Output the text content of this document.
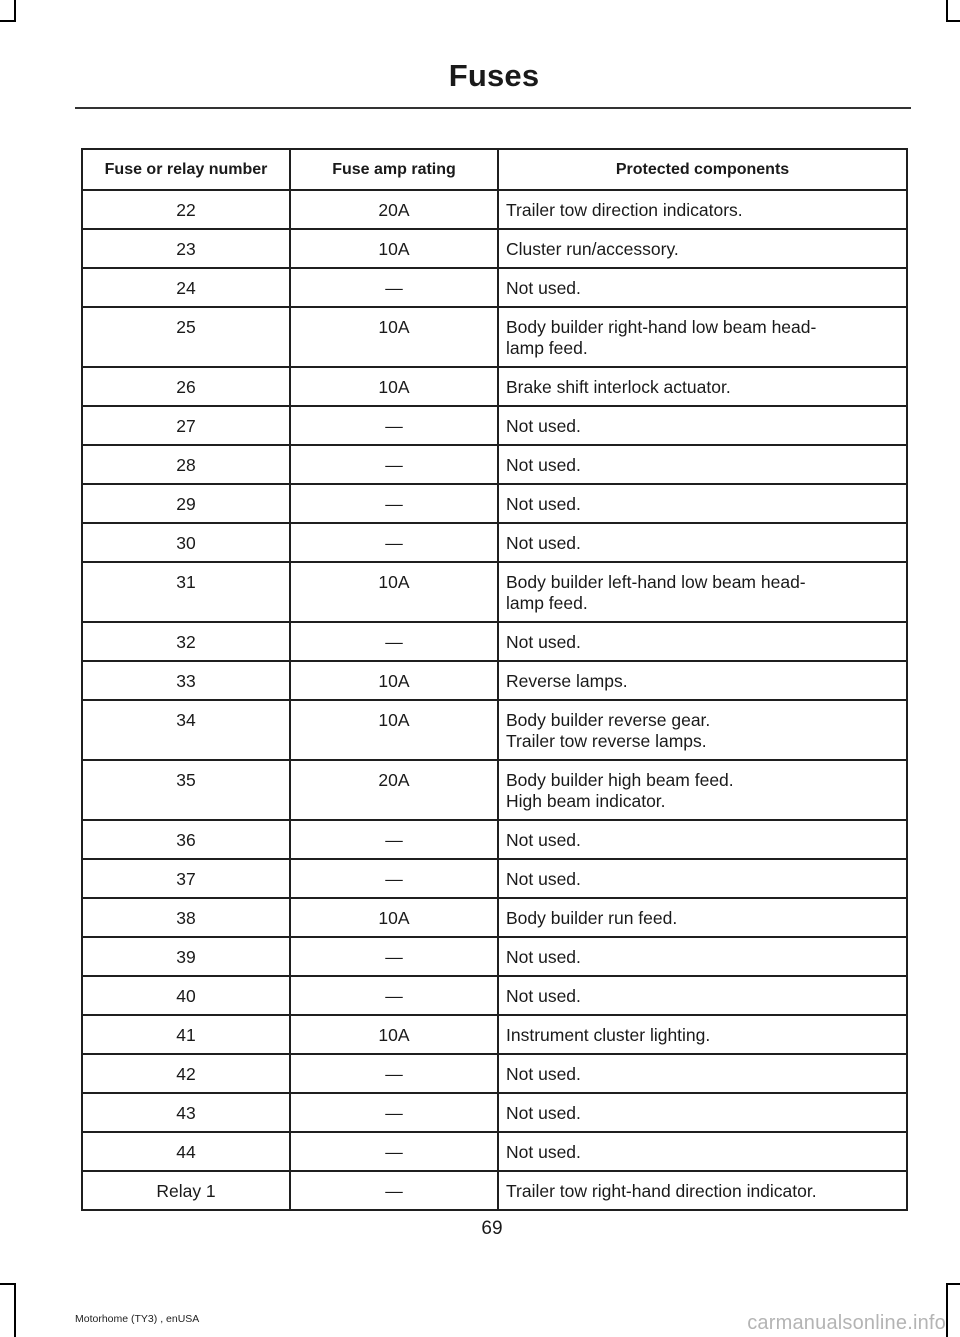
Fuses
Fuse or relay number	Fuse amp rating	Protected components
22	20A	Trailer tow direction indicators.

23	10A	Cluster run/accessory.

24	—	Not used.

25	10A	Body builder right-hand low beam head-
lamp feed.

26	10A	Brake shift interlock actuator.

27	—	Not used.

28	—	Not used.

29	—	Not used.

30	—	Not used.

31	10A	Body builder left-hand low beam head-
lamp feed.

32	—	Not used.

33	10A	Reverse lamps.

34	10A	Body builder reverse gear.
Trailer tow reverse lamps.

35	20A	Body builder high beam feed.
High beam indicator.

36	—	Not used.

37	—	Not used.

38	10A	Body builder run feed.

39	—	Not used.

40	—	Not used.

41	10A	Instrument cluster lighting.

42	—	Not used.

43	—	Not used.

44	—	Not used.

Relay 1	—	Trailer tow right-hand direction indicator.
69
Motorhome (TY3) , enUSA	carmanualsonline.info
